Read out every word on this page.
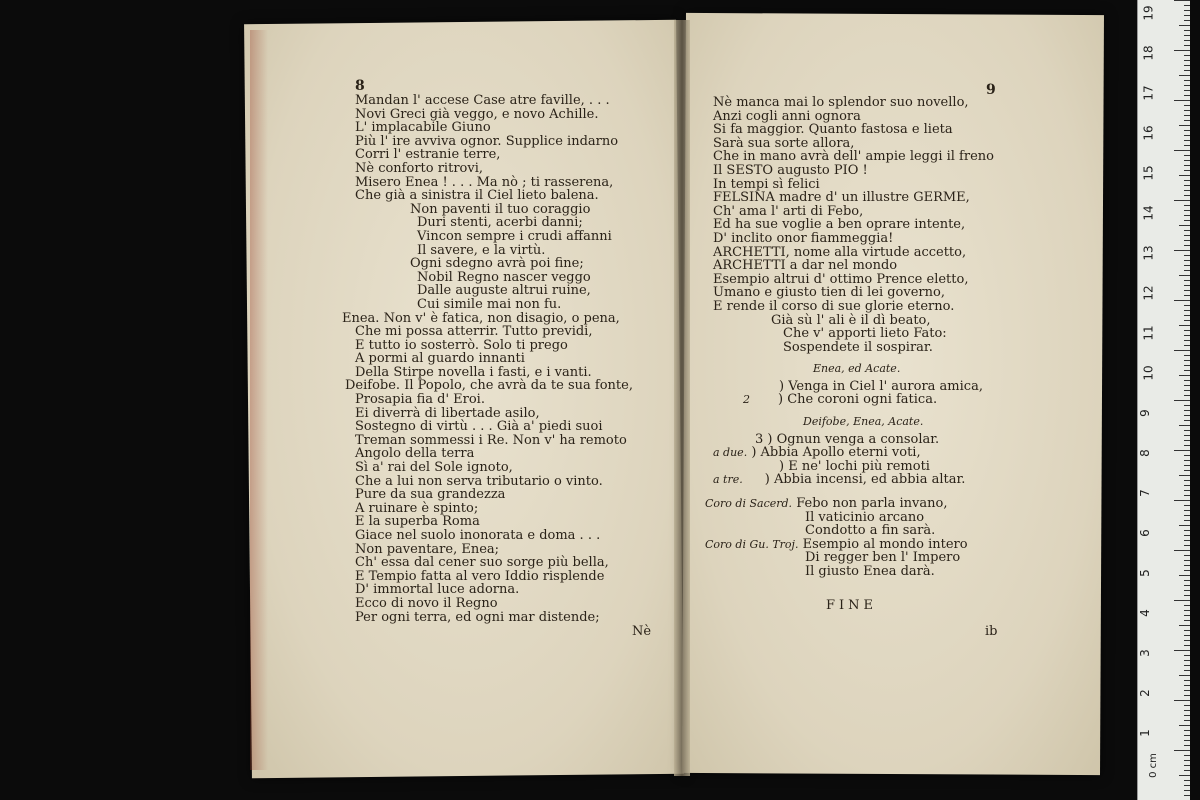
8
Mandan l' accese Case atre faville, . . .
Novi Greci già veggo, e novo Achille.
L' implacabile Giuno
Più l' ire avviva ognor. Supplice indarno
Corri l' estranie terre,
Nè conforto ritrovi,
Misero Enea ! . . . Ma nò ; ti rasserena,
Che già a sinistra il Ciel lieto balena.
Non paventi il tuo coraggio
Duri stenti, acerbi danni;
Vincon sempre i crudi affanni
Il savere, e la virtù.
Ogni sdegno avrà poi fine;
Nobil Regno nascer veggo
Dalle auguste altrui ruine,
Cui simile mai non fu.
Enea. Non v' è fatica, non disagio, o pena,
Che mi possa atterrir. Tutto previdi,
E tutto io sosterrò. Solo ti prego
A pormi al guardo innanti
Della Stirpe novella i fasti, e i vanti.
Deifobe. Il Popolo, che avrà da te sua fonte,
Prosapia fia d' Eroi.
Ei diverrà di libertade asilo,
Sostegno di virtù . . . Già a' piedi suoi
Treman sommessi i Re. Non v' ha remoto
Angolo della terra
Sì a' rai del Sole ignoto,
Che a lui non serva tributario o vinto.
Pure da sua grandezza
A ruinare è spinto;
E la superba Roma
Giace nel suolo inonorata e doma . . .
Non paventare, Enea;
Ch' essa dal cener suo sorge più bella,
E Tempio fatta al vero Iddio risplende
D' immortal luce adorna.
Ecco di novo il Regno
Per ogni terra, ed ogni mar distende;
Nè
9
Nè manca mai lo splendor suo novello,
Anzi cogli anni ognora
Si fa maggior. Quanto fastosa e lieta
Sarà sua sorte allora,
Che in mano avrà dell' ampie leggi il freno
Il SESTO augusto PIO !
In tempi sì felici
FELSINA madre d' un illustre GERME,
Ch' ama l' arti di Febo,
Ed ha sue voglie a ben oprare intente,
D' inclito onor fiammeggia!
ARCHETTI, nome alla virtude accetto,
ARCHETTI a dar nel mondo
Esempio altrui d' ottimo Prence eletto,
Umano e giusto tien di lei governo,
E rende il corso di sue glorie eterno.
Già sù l' ali è il dì beato,
Che v' apporti lieto Fato:
Sospendete il sospirar.
Enea, ed Acate.
) Venga in Ciel l' aurora amica,
2 ) Che coroni ogni fatica.
Deifobe, Enea, Acate.
3 ) Ognun venga a consolar.
a due. ) Abbia Apollo eterni voti,
) E ne' lochi più remoti
a tre. ) Abbia incensi, ed abbia altar.
Coro di Sacerd. Febo non parla invano,
Il vaticinio arcano
Condotto a fin sarà.
Coro di Gu. Troj. Esempio al mondo intero
Di regger ben l' Impero
Il giusto Enea darà.
FINE
ib
19
18
17
16
15
14
13
12
11
10
9
8
7
6
5
4
3
2
1
0 cm
